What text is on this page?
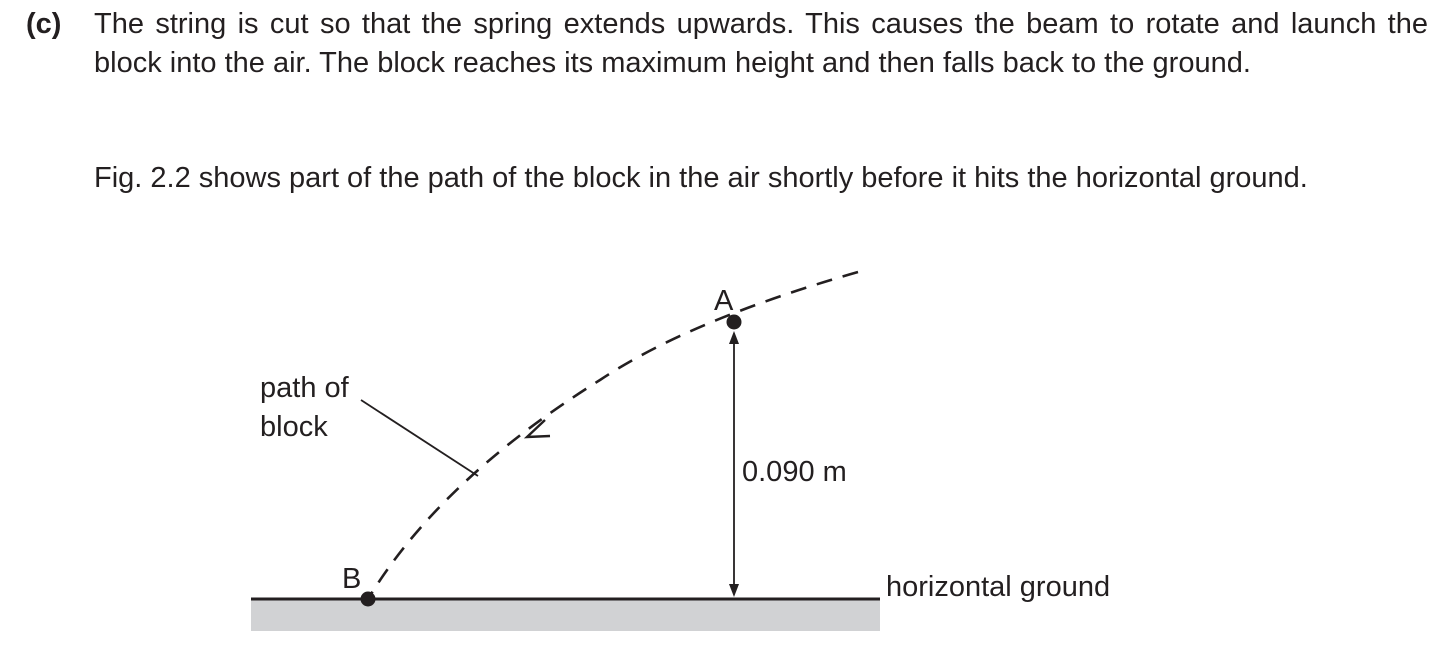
(c) The string is cut so that the spring extends upwards. This causes the beam to rotate and launch the block into the air. The block reaches its maximum height and then falls back to the ground.

Fig. 2.2 shows part of the path of the block in the air shortly before it hits the horizontal ground.

A
B
path of
block
0.090 m
horizontal ground
